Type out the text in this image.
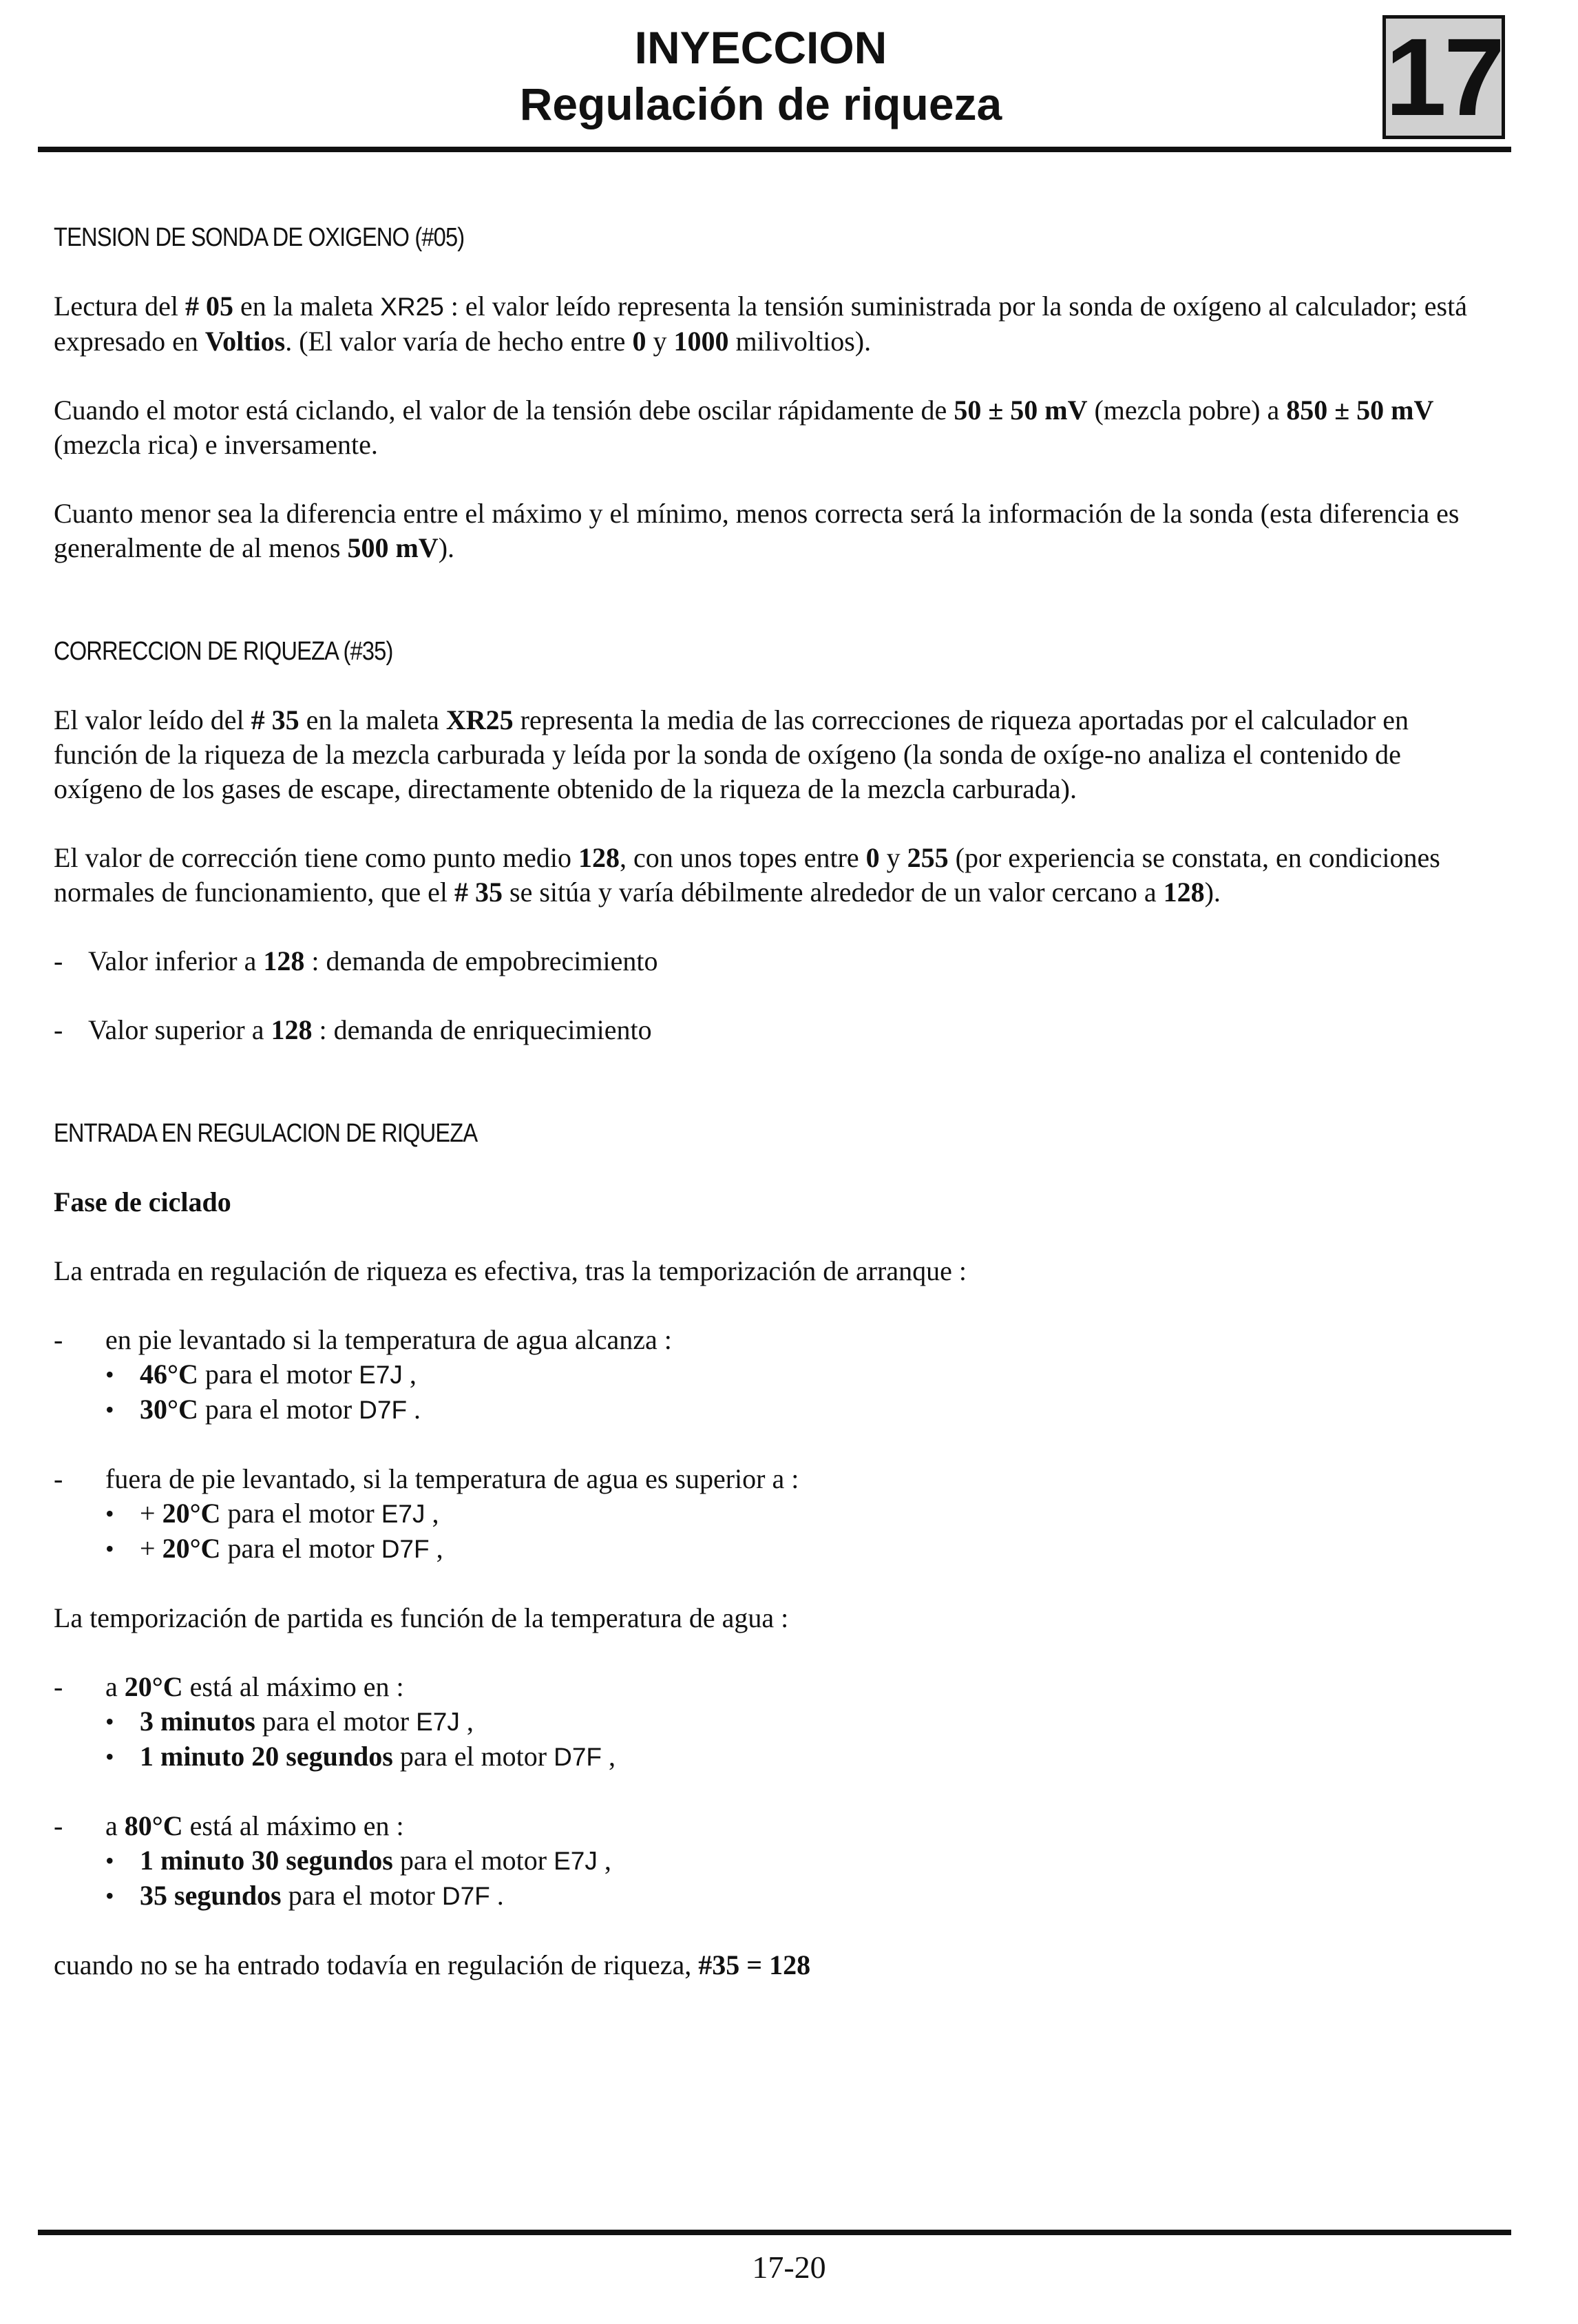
INYECCION
Regulación de riqueza	17
TENSION DE SONDA DE OXIGENO (#05)

Lectura del # 05 en la maleta XR25 : el valor leído representa la tensión suministrada por la sonda de oxígeno al calculador; está expresado en Voltios. (El valor varía de hecho entre 0 y 1000 milivoltios).

Cuando el motor está ciclando, el valor de la tensión debe oscilar rápidamente de 50 ± 50 mV (mezcla pobre) a 850 ± 50 mV (mezcla rica) e inversamente.

Cuanto menor sea la diferencia entre el máximo y el mínimo, menos correcta será la información de la sonda (esta diferencia es generalmente de al menos 500 mV).

CORRECCION DE RIQUEZA (#35)

El valor leído del # 35 en la maleta XR25 representa la media de las correcciones de riqueza aportadas por el calculador en función de la riqueza de la mezcla carburada y leída por la sonda de oxígeno (la sonda de oxíge-no analiza el contenido de oxígeno de los gases de escape, directamente obtenido de la riqueza de la mezcla carburada).

El valor de corrección tiene como punto medio 128, con unos topes entre 0 y 255 (por experiencia se constata, en condiciones normales de funcionamiento, que el # 35 se sitúa y varía débilmente alrededor de un valor cercano a 128).

- Valor inferior a 128 : demanda de empobrecimiento
- Valor superior a 128 : demanda de enriquecimiento
ENTRADA EN REGULACION DE RIQUEZA

Fase de ciclado

La entrada en regulación de riqueza es efectiva, tras la temporización de arranque :

- en pie levantado si la temperatura de agua alcanza :
• 46°C para el motor E7J ,
• 30°C para el motor D7F .
- fuera de pie levantado, si la temperatura de agua es superior a :
• + 20°C para el motor E7J ,
• + 20°C para el motor D7F ,

La temporización de partida es función de la temperatura de agua :

- a 20°C está al máximo en :
• 3 minutos para el motor E7J ,
• 1 minuto 20 segundos para el motor D7F ,
- a 80°C está al máximo en :
• 1 minuto 30 segundos para el motor E7J ,
• 35 segundos para el motor D7F .

cuando no se ha entrado todavía en regulación de riqueza, #35 = 128

17-20
